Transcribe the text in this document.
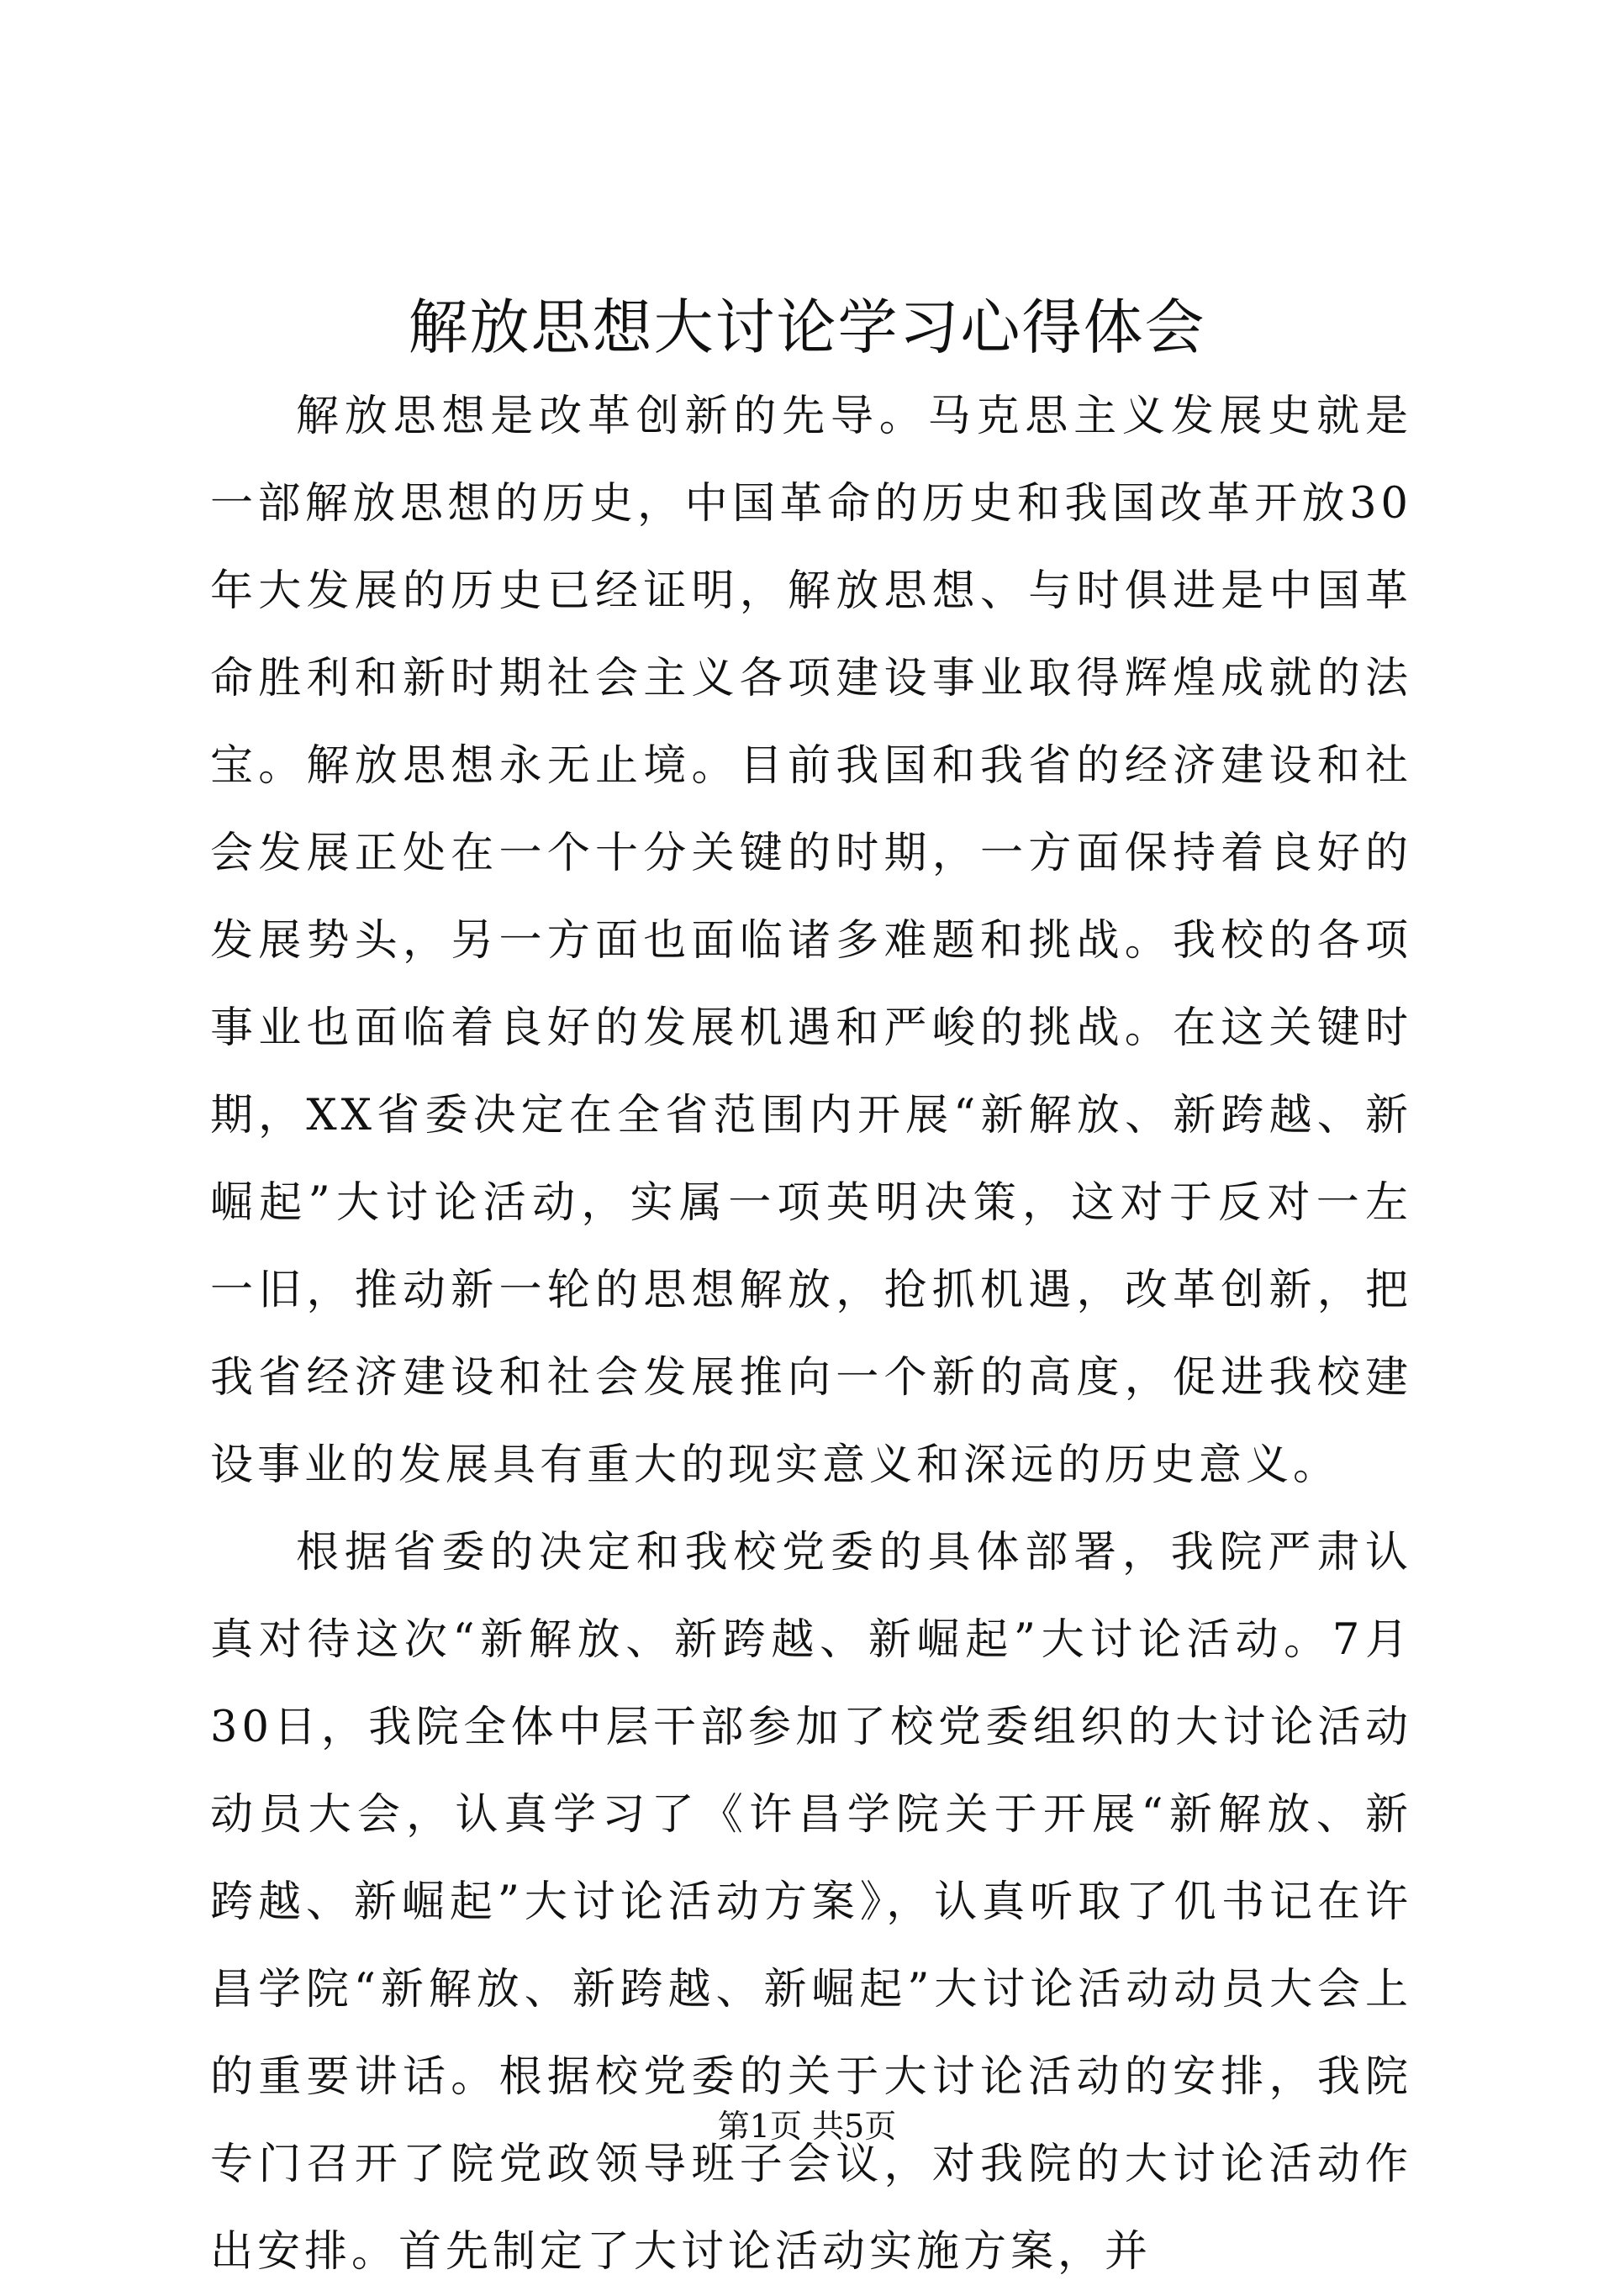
解放思想大讨论学习心得体会

解放思想是改革创新的先导。马克思主义发展史就是一部解放思想的历史，中国革命的历史和我国改革开放30年大发展的历史已经证明，解放思想、与时俱进是中国革命胜利和新时期社会主义各项建设事业取得辉煌成就的法宝。解放思想永无止境。目前我国和我省的经济建设和社会发展正处在一个十分关键的时期，一方面保持着良好的发展势头，另一方面也面临诸多难题和挑战。我校的各项事业也面临着良好的发展机遇和严峻的挑战。在这关键时期，XX省委决定在全省范围内开展“新解放、新跨越、新崛起”大讨论活动，实属一项英明决策，这对于反对一左一旧，推动新一轮的思想解放，抢抓机遇，改革创新，把我省经济建设和社会发展推向一个新的高度，促进我校建设事业的发展具有重大的现实意义和深远的历史意义。

根据省委的决定和我校党委的具体部署，我院严肃认真对待这次“新解放、新跨越、新崛起”大讨论活动。7月30日，我院全体中层干部参加了校党委组织的大讨论活动动员大会，认真学习了《许昌学院关于开展“新解放、新跨越、新崛起”大讨论活动方案》，认真听取了仉书记在许昌学院“新解放、新跨越、新崛起”大讨论活动动员大会上的重要讲话。根据校党委的关于大讨论活动的安排，我院专门召开了院党政领导班子会议，对我院的大讨论活动作出安排。首先制定了大讨论活动实施方案，并

第1页 共5页
